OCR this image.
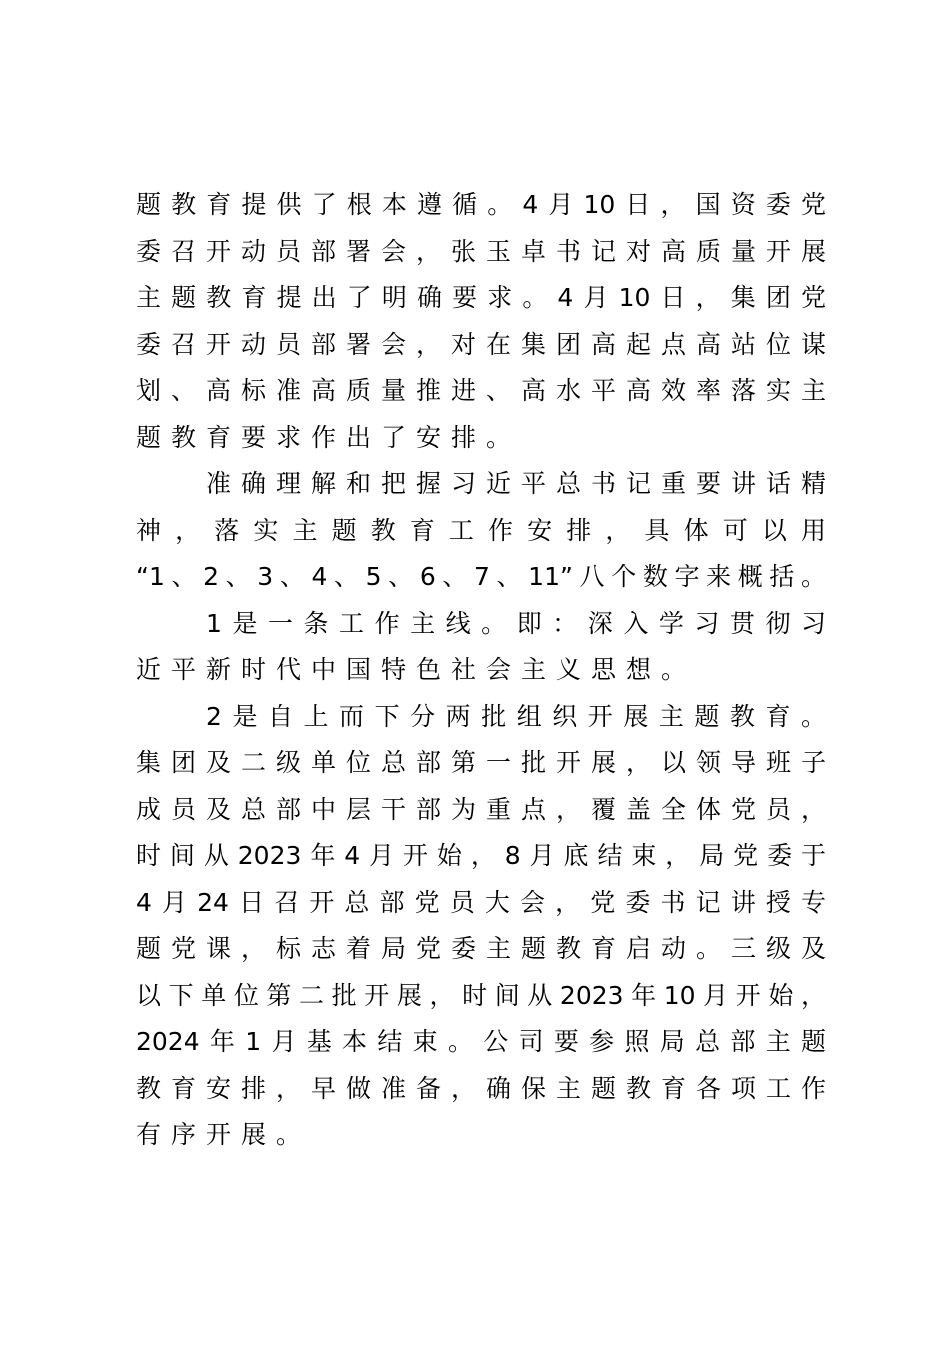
题教育提供了根本遵循。4月10日，国资委党
委召开动员部署会，张玉卓书记对高质量开展
主题教育提出了明确要求。4月10日，集团党
委召开动员部署会，对在集团高起点高站位谋
划、高标准高质量推进、高水平高效率落实主
题教育要求作出了安排。
准确理解和把握习近平总书记重要讲话精
神，落实主题教育工作安排，具体可以用
“1、2、3、4、5、6、7、11”八个数字来概括。
1是一条工作主线。即：深入学习贯彻习
近平新时代中国特色社会主义思想。
2是自上而下分两批组织开展主题教育。
集团及二级单位总部第一批开展，以领导班子
成员及总部中层干部为重点，覆盖全体党员，
时间从2023年4月开始，8月底结束，局党委于
4月24日召开总部党员大会，党委书记讲授专
题党课，标志着局党委主题教育启动。三级及
以下单位第二批开展，时间从2023年10月开始，
2024年1月基本结束。公司要参照局总部主题
教育安排，早做准备，确保主题教育各项工作
有序开展。
